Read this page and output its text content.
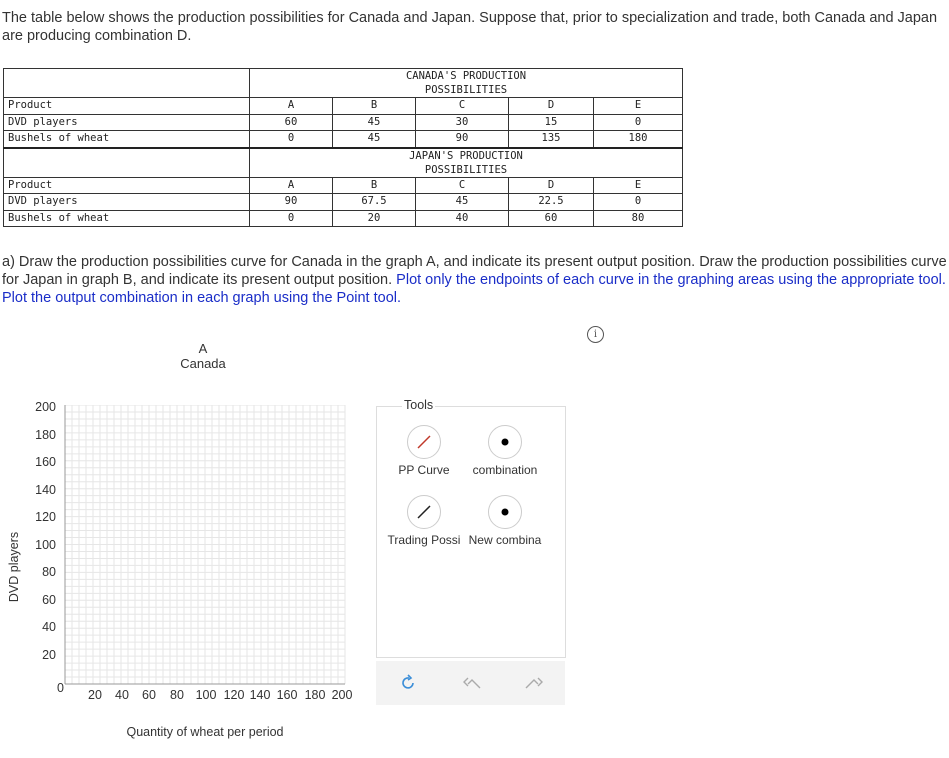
The table below shows the production possibilities for Canada and Japan. Suppose that, prior to specialization and trade, both Canada and Japan are producing combination D.

	CANADA'S PRODUCTION
POSSIBILITIES				

Product	A	B	C	D	E
DVD players	60	45	30	15	0
Bushels of wheat	0	45	90	135	180

	JAPAN'S PRODUCTION
POSSIBILITIES				

Product	A	B	C	D	E
DVD players	90	67.5	45	22.5	0
Bushels of wheat	0	20	40	60	80
a) Draw the production possibilities curve for Canada in the graph A, and indicate its present output position. Draw the production possibilities curve for Japan in graph B, and indicate its present output position. Plot only the endpoints of each curve in the graphing areas using the appropriate tool. Plot the output combination in each graph using the Point tool.
i
A
Canada
DVD players
200
180
160
140
120
100
80
60
40
20
0	20	40	60	80 100 120 140 160 180 200
Quantity of wheat per period
PP Curve	combination
Trading Possi New combina
Tools
